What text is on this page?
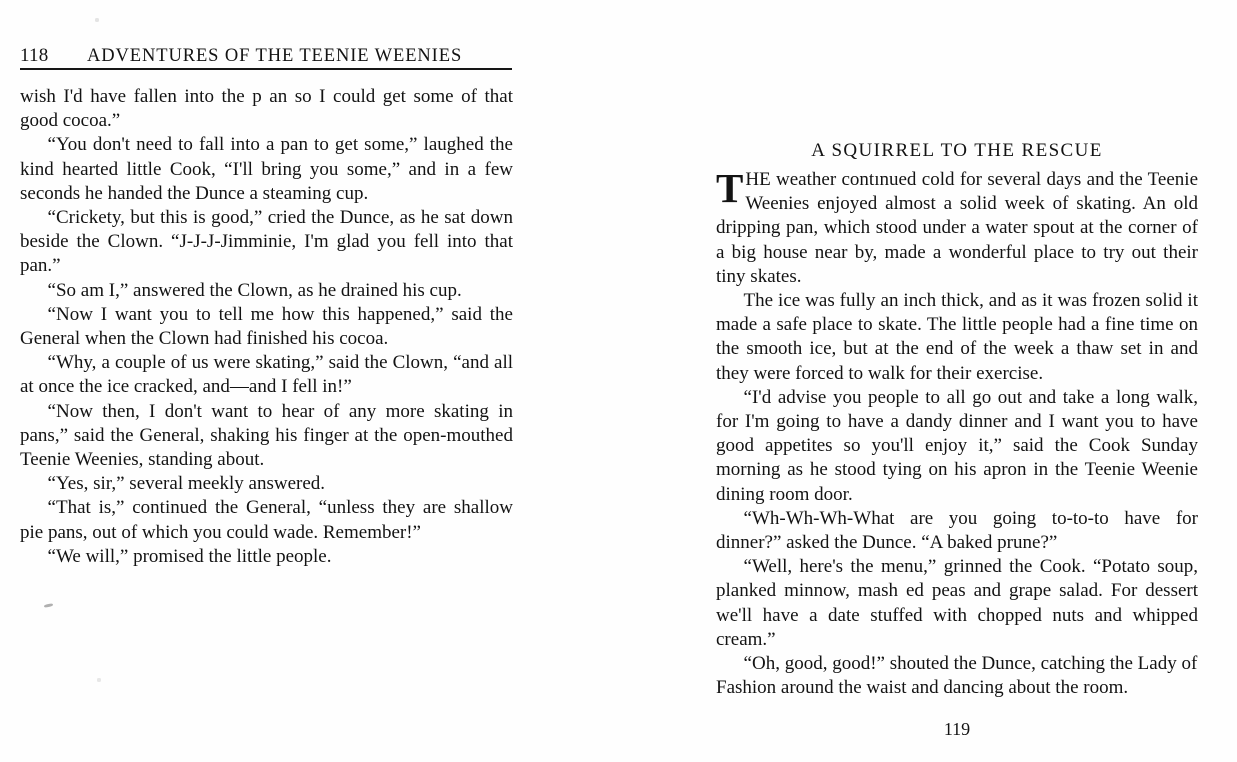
118 ADVENTURES OF THE TEENIE WEENIES

wish I'd have fallen into the p an so I could get some of that good cocoa.”

“You don't need to fall into a pan to get some,” laughed the kind hearted little Cook, “I'll bring you some,” and in a few seconds he handed the Dunce a steaming cup.

“Crickety, but this is good,” cried the Dunce, as he sat down beside the Clown. “J-J-J-Jimminie, I'm glad you fell into that pan.”

“So am I,” answered the Clown, as he drained his cup.

“Now I want you to tell me how this happened,” said the General when the Clown had finished his cocoa.

“Why, a couple of us were skating,” said the Clown, “and all at once the ice cracked, and—and I fell in!”

“Now then, I don't want to hear of any more skating in pans,” said the General, shaking his finger at the open-mouthed Teenie Weenies, standing about.

“Yes, sir,” several meekly answered.

“That is,” continued the General, “unless they are shallow pie pans, out of which you could wade. Remember!”

“We will,” promised the little people.

A SQUIRREL TO THE RESCUE

THE weather contınued cold for several days and the Teenie Weenies enjoyed almost a solid week of skating. An old dripping pan, which stood under a water spout at the corner of a big house near by, made a wonderful place to try out their tiny skates.

The ice was fully an inch thick, and as it was frozen solid it made a safe place to skate. The little people had a fine time on the smooth ice, but at the end of the week a thaw set in and they were forced to walk for their exercise.

“I'd advise you people to all go out and take a long walk, for I'm going to have a dandy dinner and I want you to have good appetites so you'll enjoy it,” said the Cook Sunday morning as he stood tying on his apron in the Teenie Weenie dining room door.

“Wh-Wh-Wh-What are you going to-to-to have for dinner?” asked the Dunce. “A baked prune?”

“Well, here's the menu,” grinned the Cook. “Potato soup, planked minnow, mash ed peas and grape salad. For dessert we'll have a date stuffed with chopped nuts and whipped cream.”

“Oh, good, good!” shouted the Dunce, catching the Lady of Fashion around the waist and dancing about the room.

119
